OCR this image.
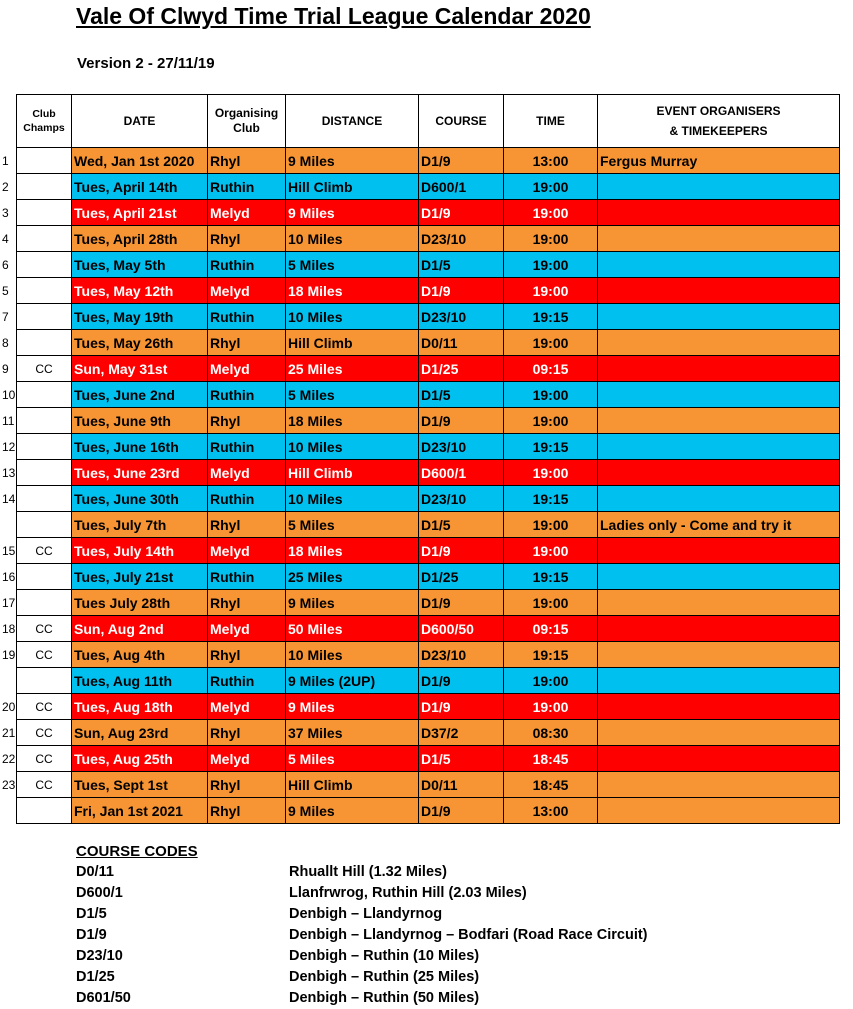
Vale Of Clwyd Time Trial League Calendar 2020
Version 2 - 27/11/19
Club Champs	DATE	Organising Club	DISTANCE	COURSE	TIME	EVENT ORGANISERS
& TIMEKEEPERS

1	Wed, Jan 1st 2020	Rhyl	9 Miles	D1/9	13:00	Fergus Murray

2	Tues, April 14th	Ruthin	Hill Climb	D600/1	19:00	

3	Tues, April 21st	Melyd	9 Miles	D1/9	19:00	

4	Tues, April 28th	Rhyl	10 Miles	D23/10	19:00	

6	Tues, May 5th	Ruthin	5 Miles	D1/5	19:00	

5	Tues, May 12th	Melyd	18 Miles	D1/9	19:00	

7	Tues, May 19th	Ruthin	10 Miles	D23/10	19:15	

8	Tues, May 26th	Rhyl	Hill Climb	D0/11	19:00	

9 CC	Sun, May 31st	Melyd	25 Miles	D1/25	09:15	

10	Tues, June 2nd	Ruthin	5 Miles	D1/5	19:00	

11	Tues, June 9th	Rhyl	18 Miles	D1/9	19:00	

12	Tues, June 16th	Ruthin	10 Miles	D23/10	19:15	

13	Tues, June 23rd	Melyd	Hill Climb	D600/1	19:00	

14	Tues, June 30th	Ruthin	10 Miles	D23/10	19:15	

	Tues, July 7th	Rhyl	5 Miles	D1/5	19:00	Ladies only - Come and try it

15 CC	Tues, July 14th	Melyd	18 Miles	D1/9	19:00	

16	Tues, July 21st	Ruthin	25 Miles	D1/25	19:15	

17	Tues July 28th	Rhyl	9 Miles	D1/9	19:00	

18 CC	Sun, Aug 2nd	Melyd	50 Miles	D600/50	09:15	

19 CC	Tues, Aug 4th	Rhyl	10 Miles	D23/10	19:15	

	Tues, Aug 11th	Ruthin	9 Miles (2UP)	D1/9	19:00	

20 CC	Tues, Aug 18th	Melyd	9 Miles	D1/9	19:00	

21 CC	Sun, Aug 23rd	Rhyl	37 Miles	D37/2	08:30	

22 CC	Tues, Aug 25th	Melyd	5 Miles	D1/5	18:45	

23 CC	Tues, Sept 1st	Rhyl	Hill Climb	D0/11	18:45	

	Fri, Jan 1st 2021	Rhyl	9 Miles	D1/9	13:00	
COURSE CODES
D0/11	Rhuallt Hill (1.32 Miles)
D600/1	Llanfrwrog, Ruthin Hill (2.03 Miles)
D1/5	Denbigh – Llandyrnog
D1/9	Denbigh – Llandyrnog – Bodfari (Road Race Circuit)
D23/10	Denbigh – Ruthin (10 Miles)
D1/25	Denbigh – Ruthin (25 Miles)
D601/50	Denbigh – Ruthin (50 Miles)
